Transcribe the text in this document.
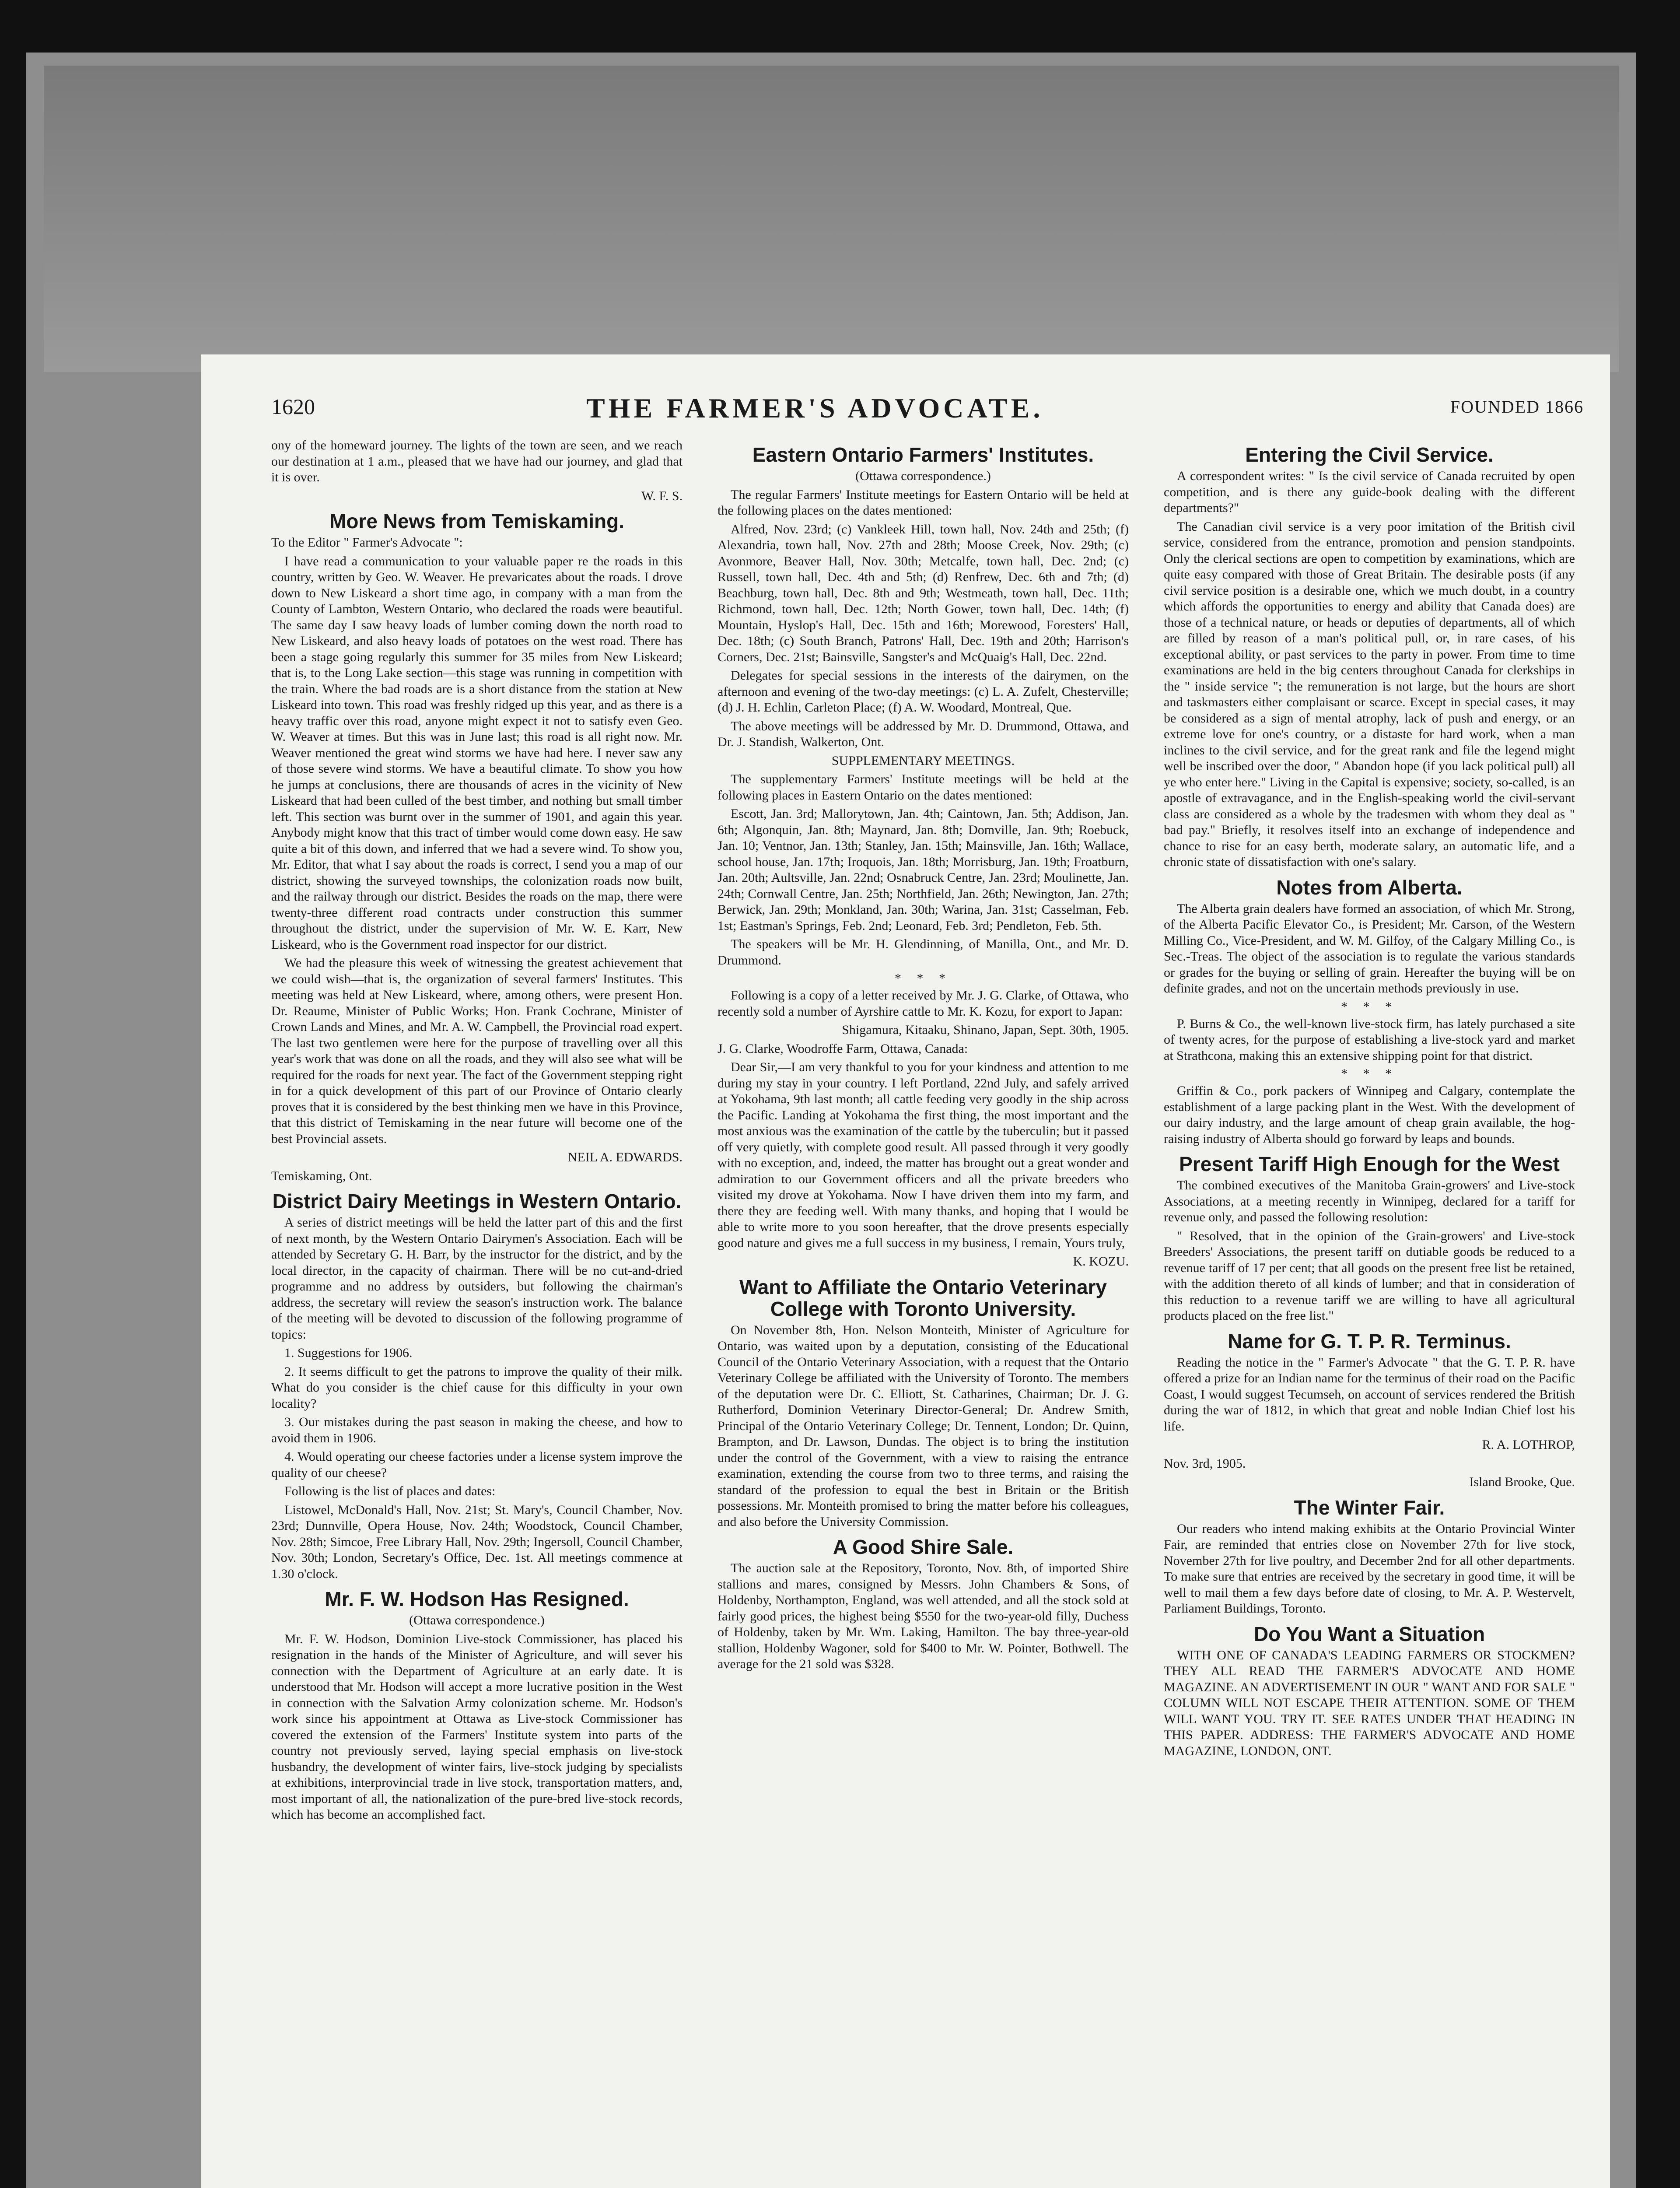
1620	THE FARMER'S ADVOCATE.	FOUNDED 1866

ony of the homeward journey. The lights of the town are seen, and we reach our destination at 1 a.m., pleased that we have had our journey, and glad that it is over.

W. F. S.

More News from Temiskaming.

To the Editor " Farmer's Advocate ":

I have read a communication to your valuable paper re the roads in this country, written by Geo. W. Weaver. He prevaricates about the roads. I drove down to New Liskeard a short time ago, in company with a man from the County of Lambton, Western Ontario, who declared the roads were beautiful. The same day I saw heavy loads of lumber coming down the north road to New Liskeard, and also heavy loads of potatoes on the west road. There has been a stage going regularly this summer for 35 miles from New Liskeard; that is, to the Long Lake section—this stage was running in competition with the train. Where the bad roads are is a short distance from the station at New Liskeard into town. This road was freshly ridged up this year, and as there is a heavy traffic over this road, anyone might expect it not to satisfy even Geo. W. Weaver at times. But this was in June last; this road is all right now. Mr. Weaver mentioned the great wind storms we have had here. I never saw any of those severe wind storms. We have a beautiful climate. To show you how he jumps at conclusions, there are thousands of acres in the vicinity of New Liskeard that had been culled of the best timber, and nothing but small timber left. This section was burnt over in the summer of 1901, and again this year. Anybody might know that this tract of timber would come down easy. He saw quite a bit of this down, and inferred that we had a severe wind. To show you, Mr. Editor, that what I say about the roads is correct, I send you a map of our district, showing the surveyed townships, the colonization roads now built, and the railway through our district. Besides the roads on the map, there were twenty-three different road contracts under construction this summer throughout the district, under the supervision of Mr. W. E. Karr, New Liskeard, who is the Government road inspector for our district.

We had the pleasure this week of witnessing the greatest achievement that we could wish—that is, the organization of several farmers' Institutes. This meeting was held at New Liskeard, where, among others, were present Hon. Dr. Reaume, Minister of Public Works; Hon. Frank Cochrane, Minister of Crown Lands and Mines, and Mr. A. W. Campbell, the Provincial road expert. The last two gentlemen were here for the purpose of travelling over all this year's work that was done on all the roads, and they will also see what will be required for the roads for next year. The fact of the Government stepping right in for a quick development of this part of our Province of Ontario clearly proves that it is considered by the best thinking men we have in this Province, that this district of Temiskaming in the near future will become one of the best Provincial assets.

NEIL A. EDWARDS.

Temiskaming, Ont.

District Dairy Meetings in Western Ontario.

A series of district meetings will be held the latter part of this and the first of next month, by the Western Ontario Dairymen's Association. Each will be attended by Secretary G. H. Barr, by the instructor for the district, and by the local director, in the capacity of chairman. There will be no cut-and-dried programme and no address by outsiders, but following the chairman's address, the secretary will review the season's instruction work. The balance of the meeting will be devoted to discussion of the following programme of topics:

1. Suggestions for 1906.

2. It seems difficult to get the patrons to improve the quality of their milk. What do you consider is the chief cause for this difficulty in your own locality?

3. Our mistakes during the past season in making the cheese, and how to avoid them in 1906.

4. Would operating our cheese factories under a license system improve the quality of our cheese?

Following is the list of places and dates:

Listowel, McDonald's Hall, Nov. 21st; St. Mary's, Council Chamber, Nov. 23rd; Dunnville, Opera House, Nov. 24th; Woodstock, Council Chamber, Nov. 28th; Simcoe, Free Library Hall, Nov. 29th; Ingersoll, Council Chamber, Nov. 30th; London, Secretary's Office, Dec. 1st. All meetings commence at 1.30 o'clock.

Mr. F. W. Hodson Has Resigned.

(Ottawa correspondence.)

Mr. F. W. Hodson, Dominion Live-stock Commissioner, has placed his resignation in the hands of the Minister of Agriculture, and will sever his connection with the Department of Agriculture at an early date. It is understood that Mr. Hodson will accept a more lucrative position in the West in connection with the Salvation Army colonization scheme. Mr. Hodson's work since his appointment at Ottawa as Live-stock Commissioner has covered the extension of the Farmers' Institute system into parts of the country not previously served, laying special emphasis on live-stock husbandry, the development of winter fairs, live-stock judging by specialists at exhibitions, interprovincial trade in live stock, transportation matters, and, most important of all, the nationalization of the pure-bred live-stock records, which has become an accomplished fact.

Eastern Ontario Farmers' Institutes.

(Ottawa correspondence.)

The regular Farmers' Institute meetings for Eastern Ontario will be held at the following places on the dates mentioned:

Alfred, Nov. 23rd; (c) Vankleek Hill, town hall, Nov. 24th and 25th; (f) Alexandria, town hall, Nov. 27th and 28th; Moose Creek, Nov. 29th; (c) Avonmore, Beaver Hall, Nov. 30th; Metcalfe, town hall, Dec. 2nd; (c) Russell, town hall, Dec. 4th and 5th; (d) Renfrew, Dec. 6th and 7th; (d) Beachburg, town hall, Dec. 8th and 9th; Westmeath, town hall, Dec. 11th; Richmond, town hall, Dec. 12th; North Gower, town hall, Dec. 14th; (f) Mountain, Hyslop's Hall, Dec. 15th and 16th; Morewood, Foresters' Hall, Dec. 18th; (c) South Branch, Patrons' Hall, Dec. 19th and 20th; Harrison's Corners, Dec. 21st; Bainsville, Sangster's and McQuaig's Hall, Dec. 22nd.

Delegates for special sessions in the interests of the dairymen, on the afternoon and evening of the two-day meetings: (c) L. A. Zufelt, Chesterville; (d) J. H. Echlin, Carleton Place; (f) A. W. Woodard, Montreal, Que.

The above meetings will be addressed by Mr. D. Drummond, Ottawa, and Dr. J. Standish, Walkerton, Ont.

SUPPLEMENTARY MEETINGS.

The supplementary Farmers' Institute meetings will be held at the following places in Eastern Ontario on the dates mentioned:

Escott, Jan. 3rd; Mallorytown, Jan. 4th; Caintown, Jan. 5th; Addison, Jan. 6th; Algonquin, Jan. 8th; Maynard, Jan. 8th; Domville, Jan. 9th; Roebuck, Jan. 10; Ventnor, Jan. 13th; Stanley, Jan. 15th; Mainsville, Jan. 16th; Wallace, school house, Jan. 17th; Iroquois, Jan. 18th; Morrisburg, Jan. 19th; Froatburn, Jan. 20th; Aultsville, Jan. 22nd; Osnabruck Centre, Jan. 23rd; Moulinette, Jan. 24th; Cornwall Centre, Jan. 25th; Northfield, Jan. 26th; Newington, Jan. 27th; Berwick, Jan. 29th; Monkland, Jan. 30th; Warina, Jan. 31st; Casselman, Feb. 1st; Eastman's Springs, Feb. 2nd; Leonard, Feb. 3rd; Pendleton, Feb. 5th.

The speakers will be Mr. H. Glendinning, of Manilla, Ont., and Mr. D. Drummond.

* * *

Following is a copy of a letter received by Mr. J. G. Clarke, of Ottawa, who recently sold a number of Ayrshire cattle to Mr. K. Kozu, for export to Japan:

Shigamura, Kitaaku, Shinano, Japan, Sept. 30th, 1905.

J. G. Clarke, Woodroffe Farm, Ottawa, Canada:

Dear Sir,—I am very thankful to you for your kindness and attention to me during my stay in your country. I left Portland, 22nd July, and safely arrived at Yokohama, 9th last month; all cattle feeding very goodly in the ship across the Pacific. Landing at Yokohama the first thing, the most important and the most anxious was the examination of the cattle by the tuberculin; but it passed off very quietly, with complete good result. All passed through it very goodly with no exception, and, indeed, the matter has brought out a great wonder and admiration to our Government officers and all the private breeders who visited my drove at Yokohama. Now I have driven them into my farm, and there they are feeding well. With many thanks, and hoping that I would be able to write more to you soon hereafter, that the drove presents especially good nature and gives me a full success in my business, I remain, Yours truly,

K. KOZU.

Want to Affiliate the Ontario Veterinary College with Toronto University.

On November 8th, Hon. Nelson Monteith, Minister of Agriculture for Ontario, was waited upon by a deputation, consisting of the Educational Council of the Ontario Veterinary Association, with a request that the Ontario Veterinary College be affiliated with the University of Toronto. The members of the deputation were Dr. C. Elliott, St. Catharines, Chairman; Dr. J. G. Rutherford, Dominion Veterinary Director-General; Dr. Andrew Smith, Principal of the Ontario Veterinary College; Dr. Tennent, London; Dr. Quinn, Brampton, and Dr. Lawson, Dundas. The object is to bring the institution under the control of the Government, with a view to raising the entrance examination, extending the course from two to three terms, and raising the standard of the profession to equal the best in Britain or the British possessions. Mr. Monteith promised to bring the matter before his colleagues, and also before the University Commission.

A Good Shire Sale.

The auction sale at the Repository, Toronto, Nov. 8th, of imported Shire stallions and mares, consigned by Messrs. John Chambers & Sons, of Holdenby, Northampton, England, was well attended, and all the stock sold at fairly good prices, the highest being $550 for the two-year-old filly, Duchess of Holdenby, taken by Mr. Wm. Laking, Hamilton. The bay three-year-old stallion, Holdenby Wagoner, sold for $400 to Mr. W. Pointer, Bothwell. The average for the 21 sold was $328.

Entering the Civil Service.

A correspondent writes: " Is the civil service of Canada recruited by open competition, and is there any guide-book dealing with the different departments?"

The Canadian civil service is a very poor imitation of the British civil service, considered from the entrance, promotion and pension standpoints. Only the clerical sections are open to competition by examinations, which are quite easy compared with those of Great Britain. The desirable posts (if any civil service position is a desirable one, which we much doubt, in a country which affords the opportunities to energy and ability that Canada does) are those of a technical nature, or heads or deputies of departments, all of which are filled by reason of a man's political pull, or, in rare cases, of his exceptional ability, or past services to the party in power. From time to time examinations are held in the big centers throughout Canada for clerkships in the " inside service "; the remuneration is not large, but the hours are short and taskmasters either complaisant or scarce. Except in special cases, it may be considered as a sign of mental atrophy, lack of push and energy, or an extreme love for one's country, or a distaste for hard work, when a man inclines to the civil service, and for the great rank and file the legend might well be inscribed over the door, " Abandon hope (if you lack political pull) all ye who enter here." Living in the Capital is expensive; society, so-called, is an apostle of extravagance, and in the English-speaking world the civil-servant class are considered as a whole by the tradesmen with whom they deal as " bad pay." Briefly, it resolves itself into an exchange of independence and chance to rise for an easy berth, moderate salary, an automatic life, and a chronic state of dissatisfaction with one's salary.

Notes from Alberta.

The Alberta grain dealers have formed an association, of which Mr. Strong, of the Alberta Pacific Elevator Co., is President; Mr. Carson, of the Western Milling Co., Vice-President, and W. M. Gilfoy, of the Calgary Milling Co., is Sec.-Treas. The object of the association is to regulate the various standards or grades for the buying or selling of grain. Hereafter the buying will be on definite grades, and not on the uncertain methods previously in use.

* * *

P. Burns & Co., the well-known live-stock firm, has lately purchased a site of twenty acres, for the purpose of establishing a live-stock yard and market at Strathcona, making this an extensive shipping point for that district.

* * *

Griffin & Co., pork packers of Winnipeg and Calgary, contemplate the establishment of a large packing plant in the West. With the development of our dairy industry, and the large amount of cheap grain available, the hog-raising industry of Alberta should go forward by leaps and bounds.

Present Tariff High Enough for the West

The combined executives of the Manitoba Grain-growers' and Live-stock Associations, at a meeting recently in Winnipeg, declared for a tariff for revenue only, and passed the following resolution:

" Resolved, that in the opinion of the Grain-growers' and Live-stock Breeders' Associations, the present tariff on dutiable goods be reduced to a revenue tariff of 17 per cent; that all goods on the present free list be retained, with the addition thereto of all kinds of lumber; and that in consideration of this reduction to a revenue tariff we are willing to have all agricultural products placed on the free list."

Name for G. T. P. R. Terminus.

Reading the notice in the " Farmer's Advocate " that the G. T. P. R. have offered a prize for an Indian name for the terminus of their road on the Pacific Coast, I would suggest Tecumseh, on account of services rendered the British during the war of 1812, in which that great and noble Indian Chief lost his life.

R. A. LOTHROP,

Nov. 3rd, 1905.

Island Brooke, Que.

The Winter Fair.

Our readers who intend making exhibits at the Ontario Provincial Winter Fair, are reminded that entries close on November 27th for live stock, November 27th for live poultry, and December 2nd for all other departments. To make sure that entries are received by the secretary in good time, it will be well to mail them a few days before date of closing, to Mr. A. P. Westervelt, Parliament Buildings, Toronto.

Do You Want a Situation

WITH ONE OF CANADA'S LEADING FARMERS OR STOCKMEN? THEY ALL READ THE FARMER'S ADVOCATE AND HOME MAGAZINE. AN ADVERTISEMENT IN OUR " WANT AND FOR SALE " COLUMN WILL NOT ESCAPE THEIR ATTENTION. SOME OF THEM WILL WANT YOU. TRY IT. SEE RATES UNDER THAT HEADING IN THIS PAPER. ADDRESS: THE FARMER'S ADVOCATE AND HOME MAGAZINE, LONDON, ONT.
